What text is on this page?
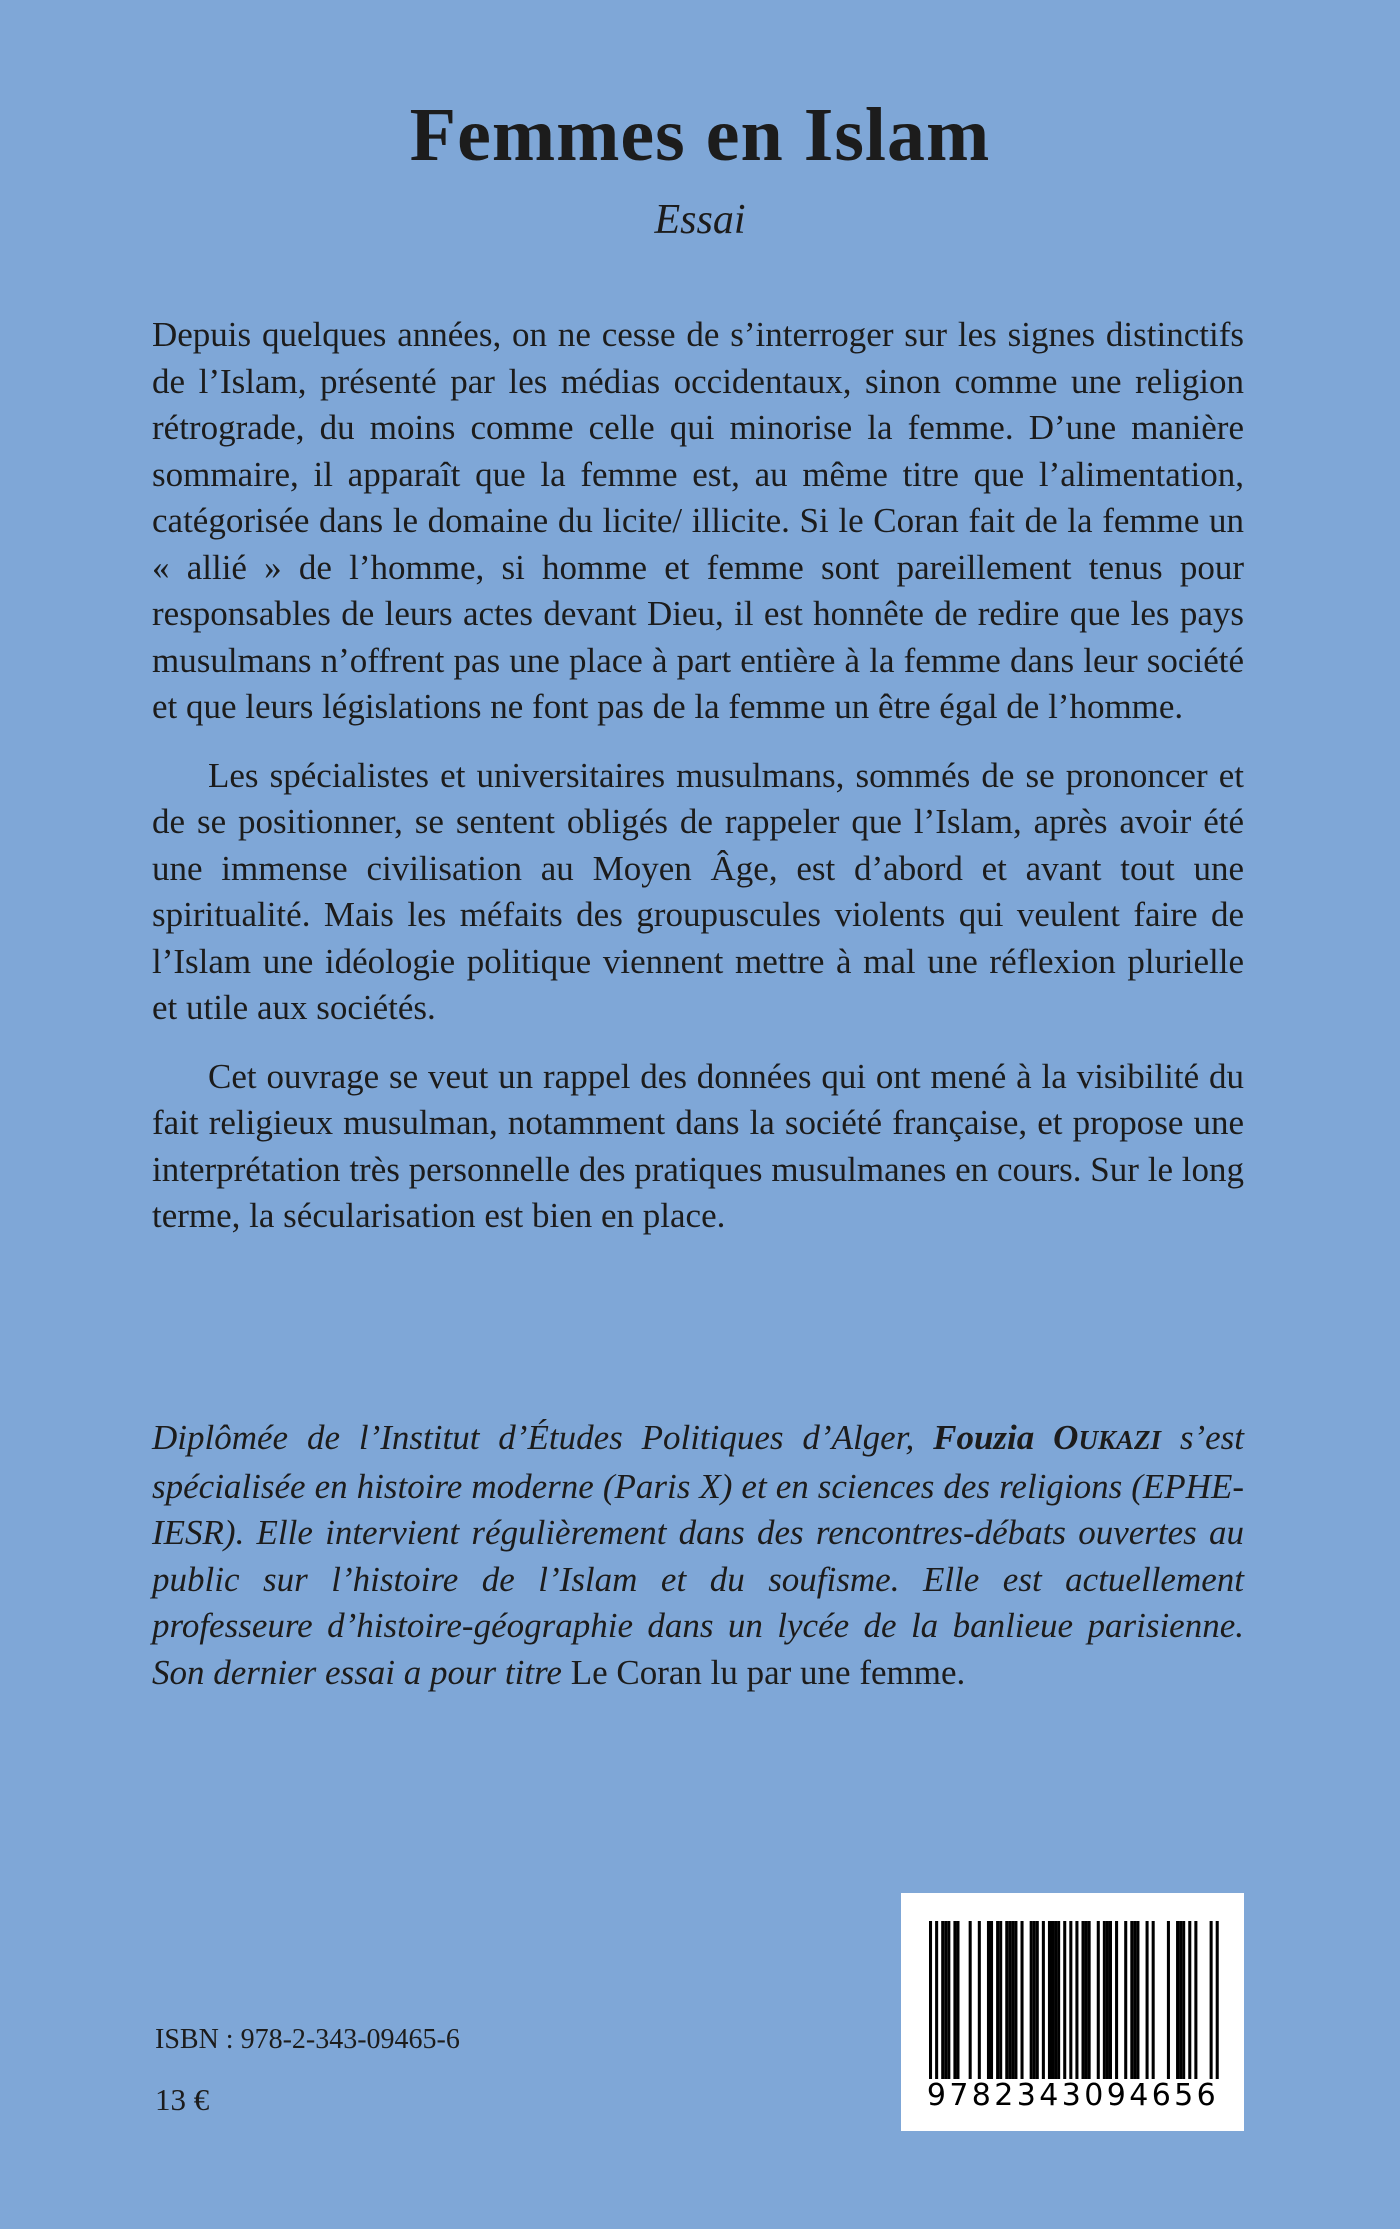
Femmes en Islam
Essai

Depuis quelques années, on ne cesse de s’interroger sur les signes distinctifs de l’Islam, présenté par les médias occidentaux, sinon comme une religion rétrograde, du moins comme celle qui minorise la femme. D’une manière sommaire, il apparaît que la femme est, au même titre que l’alimentation, catégorisée dans le domaine du licite/ illicite. Si le Coran fait de la femme un « allié » de l’homme, si homme et femme sont pareillement tenus pour responsables de leurs actes devant Dieu, il est honnête de redire que les pays musulmans n’offrent pas une place à part entière à la femme dans leur société et que leurs législations ne font pas de la femme un être égal de l’homme.

Les spécialistes et universitaires musulmans, sommés de se prononcer et de se positionner, se sentent obligés de rappeler que l’Islam, après avoir été une immense civilisation au Moyen Âge, est d’abord et avant tout une spiritualité. Mais les méfaits des groupuscules violents qui veulent faire de l’Islam une idéologie politique viennent mettre à mal une réflexion plurielle et utile aux sociétés.

Cet ouvrage se veut un rappel des données qui ont mené à la visibilité du fait religieux musulman, notamment dans la société française, et propose une interprétation très personnelle des pratiques musulmanes en cours. Sur le long terme, la sécularisation est bien en place.

Diplômée de l’Institut d’Études Politiques d’Alger, Fouzia OUKAZI s’est spécialisée en histoire moderne (Paris X) et en sciences des religions (EPHE-IESR). Elle intervient régulièrement dans des rencontres-débats ouvertes au public sur l’histoire de l’Islam et du soufisme. Elle est actuellement professeure d’histoire-géographie dans un lycée de la banlieue parisienne. Son dernier essai a pour titre Le Coran lu par une femme.

ISBN : 978-2-343-09465-6
13 €	9782343094656
